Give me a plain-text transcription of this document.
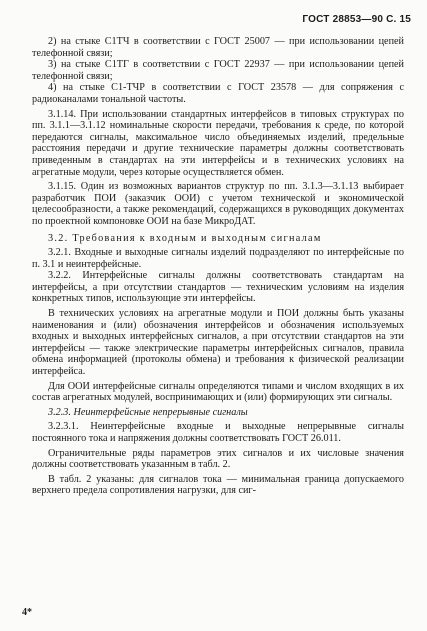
ГОСТ 28853—90 С. 15

2) на стыке С1ТЧ в соответствии с ГОСТ 25007 — при использовании цепей телефонной связи;

3) на стыке С1ТГ в соответствии с ГОСТ 22937 — при использовании цепей телефонной связи;

4) на стыке С1-ТЧР в соответствии с ГОСТ 23578 — для сопряжения с радиоканалами тональной частоты.

3.1.14. При использовании стандартных интерфейсов в типовых структурах по пп. 3.1.1—3.1.12 номинальные скорости передачи, требования к среде, по которой передаются сигналы, максимальное число объединяемых изделий, предельные расстояния передачи и другие технические параметры должны соответствовать приведенным в стандартах на эти интерфейсы и в технических условиях на агрегатные модули, через которые осуществляется обмен.

3.1.15. Один из возможных вариантов структур по пп. 3.1.3—3.1.13 выбирает разработчик ПОИ (заказчик ООИ) с учетом технической и экономической целесообразности, а также рекомендаций, содержащихся в руководящих документах по проектной компоновке ООИ на базе МикроДАТ.

3.2. Требования к входным и выходным сигналам

3.2.1. Входные и выходные сигналы изделий подразделяют по интерфейсные по п. 3.1 и неинтерфейсные.

3.2.2. Интерфейсные сигналы должны соответствовать стандартам на интерфейсы, а при отсутствии стандартов — техническим условиям на изделия конкретных типов, использующие эти интерфейсы.

В технических условиях на агрегатные модули и ПОИ должны быть указаны наименования и (или) обозначения интерфейсов и обозначения используемых входных и выходных интерфейсных сигналов, а при отсутствии стандартов на эти интерфейсы — также электрические параметры интерфейсных сигналов, правила обмена информацией (протоколы обмена) и требования к физической реализации интерфейса.

Для ООИ интерфейсные сигналы определяются типами и числом входящих в их состав агрегатных модулей, воспринимающих и (или) формирующих эти сигналы.

3.2.3. Неинтерфейсные непрерывные сигналы

3.2.3.1. Неинтерфейсные входные и выходные непрерывные сигналы постоянного тока и напряжения должны соответствовать ГОСТ 26.011.

Ограничительные ряды параметров этих сигналов и их числовые значения должны соответствовать указанным в табл. 2.

В табл. 2 указаны: для сигналов тока — минимальная граница допускаемого верхнего предела сопротивления нагрузки, для сиг-

4*
